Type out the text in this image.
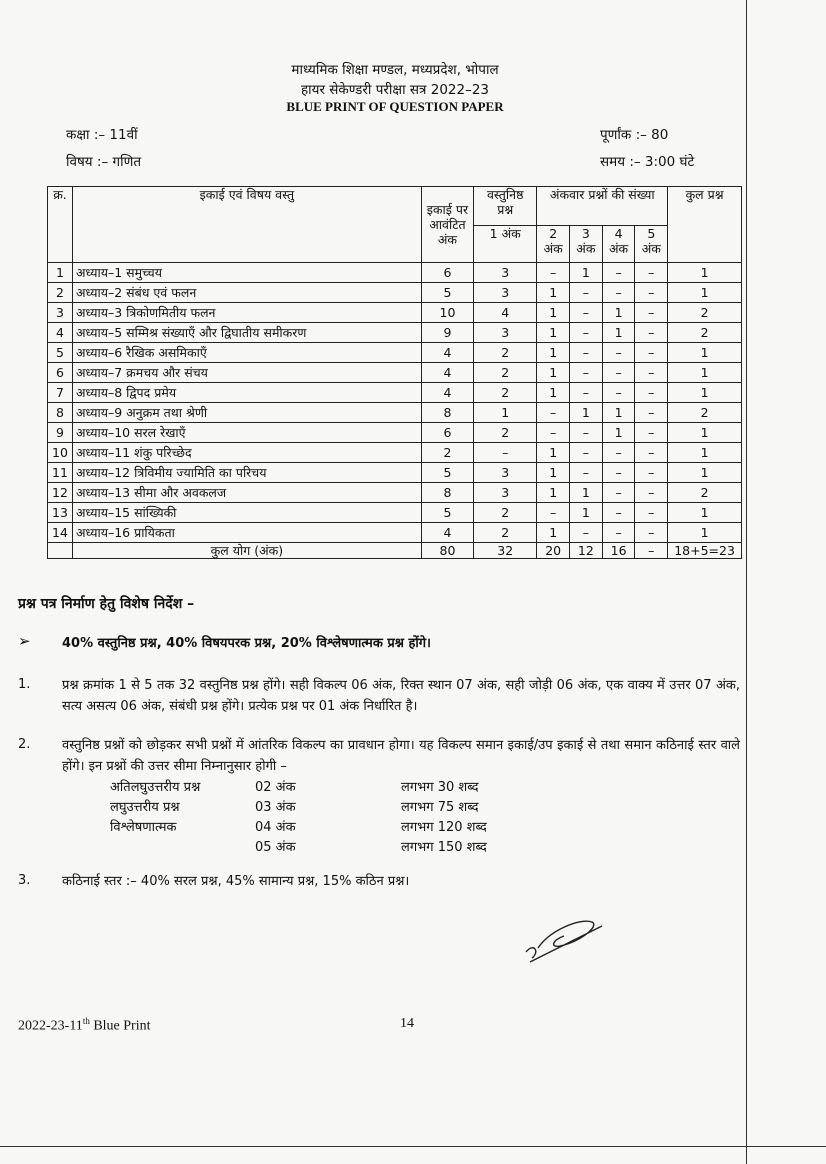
माध्यमिक शिक्षा मण्डल, मध्यप्रदेश, भोपाल
हायर सेकेण्डरी परीक्षा सत्र 2022–23
BLUE PRINT OF QUESTION PAPER
कक्षा :– 11वीं
विषय :– गणित
पूर्णांक :– 80
समय :– 3:00 घंटे
क्र.	इकाई एवं विषय वस्तु	इकाई पर आवंटित अंक	वस्तुनिष्ठ प्रश्न	अंकवार प्रश्नों की संख्या				कुल प्रश्न
			1 अंक	2 अंक	3 अंक	4 अंक	5 अंक	
1	अध्याय–1 समुच्चय	6	3	–	1	–	–	1
2	अध्याय–2 संबंध एवं फलन	5	3	1	–	–	–	1
3	अध्याय–3 त्रिकोणमितीय फलन	10	4	1	–	1	–	2
4	अध्याय–5 सम्मिश्र संख्याऍं और द्विघातीय समीकरण	9	3	1	–	1	–	2
5	अध्याय–6 रैखिक असमिकाऍं	4	2	1	–	–	–	1
6	अध्याय–7 क्रमचय और संचय	4	2	1	–	–	–	1
7	अध्याय–8 द्विपद प्रमेय	4	2	1	–	–	–	1
8	अध्याय–9 अनुक्रम तथा श्रेणी	8	1	–	1	1	–	2
9	अध्याय–10 सरल रेखाऍं	6	2	–	–	1	–	1
10	अध्याय–11 शंकु परिच्छेद	2	–	1	–	–	–	1
11	अध्याय–12 त्रिविमीय ज्यामिति का परिचय	5	3	1	–	–	–	1
12	अध्याय–13 सीमा और अवकलज	8	3	1	1	–	–	2
13	अध्याय–15 सांख्यिकी	5	2	–	1	–	–	1
14	अध्याय–16 प्रायिकता	4	2	1	–	–	–	1
	कुल योग (अंक)	80	32	20	12	16	–	18+5=23
प्रश्न पत्र निर्माण हेतु विशेष निर्देश –
➢ 40% वस्तुनिष्ठ प्रश्न, 40% विषयपरक प्रश्न, 20% विश्लेषणात्मक प्रश्न होंगे।
1. प्रश्न क्रमांक 1 से 5 तक 32 वस्तुनिष्ठ प्रश्न होंगे। सही विकल्प 06 अंक, रिक्त स्थान 07 अंक, सही जोड़ी 06 अंक, एक वाक्य में उत्तर 07 अंक, सत्य असत्य 06 अंक, संबंधी प्रश्न होंगे। प्रत्येक प्रश्न पर 01 अंक निर्धारित है।
2. वस्तुनिष्ठ प्रश्नों को छोड़कर सभी प्रश्नों में आंतरिक विकल्प का प्रावधान होगा। यह विकल्प समान इकाई/उप इकाई से तथा समान कठिनाई स्तर वाले होंगे। इन प्रश्नों की उत्तर सीमा निम्नानुसार होगी –
अतिलघुउत्तरीय प्रश्न	02 अंक	लगभग 30 शब्द
लघुउत्तरीय प्रश्न	03 अंक	लगभग 75 शब्द
विश्लेषणात्मक	04 अंक	लगभग 120 शब्द
	05 अंक	लगभग 150 शब्द
3. कठिनाई स्तर :– 40% सरल प्रश्न, 45% सामान्य प्रश्न, 15% कठिन प्रश्न।
2022-23-11th Blue Print	14
